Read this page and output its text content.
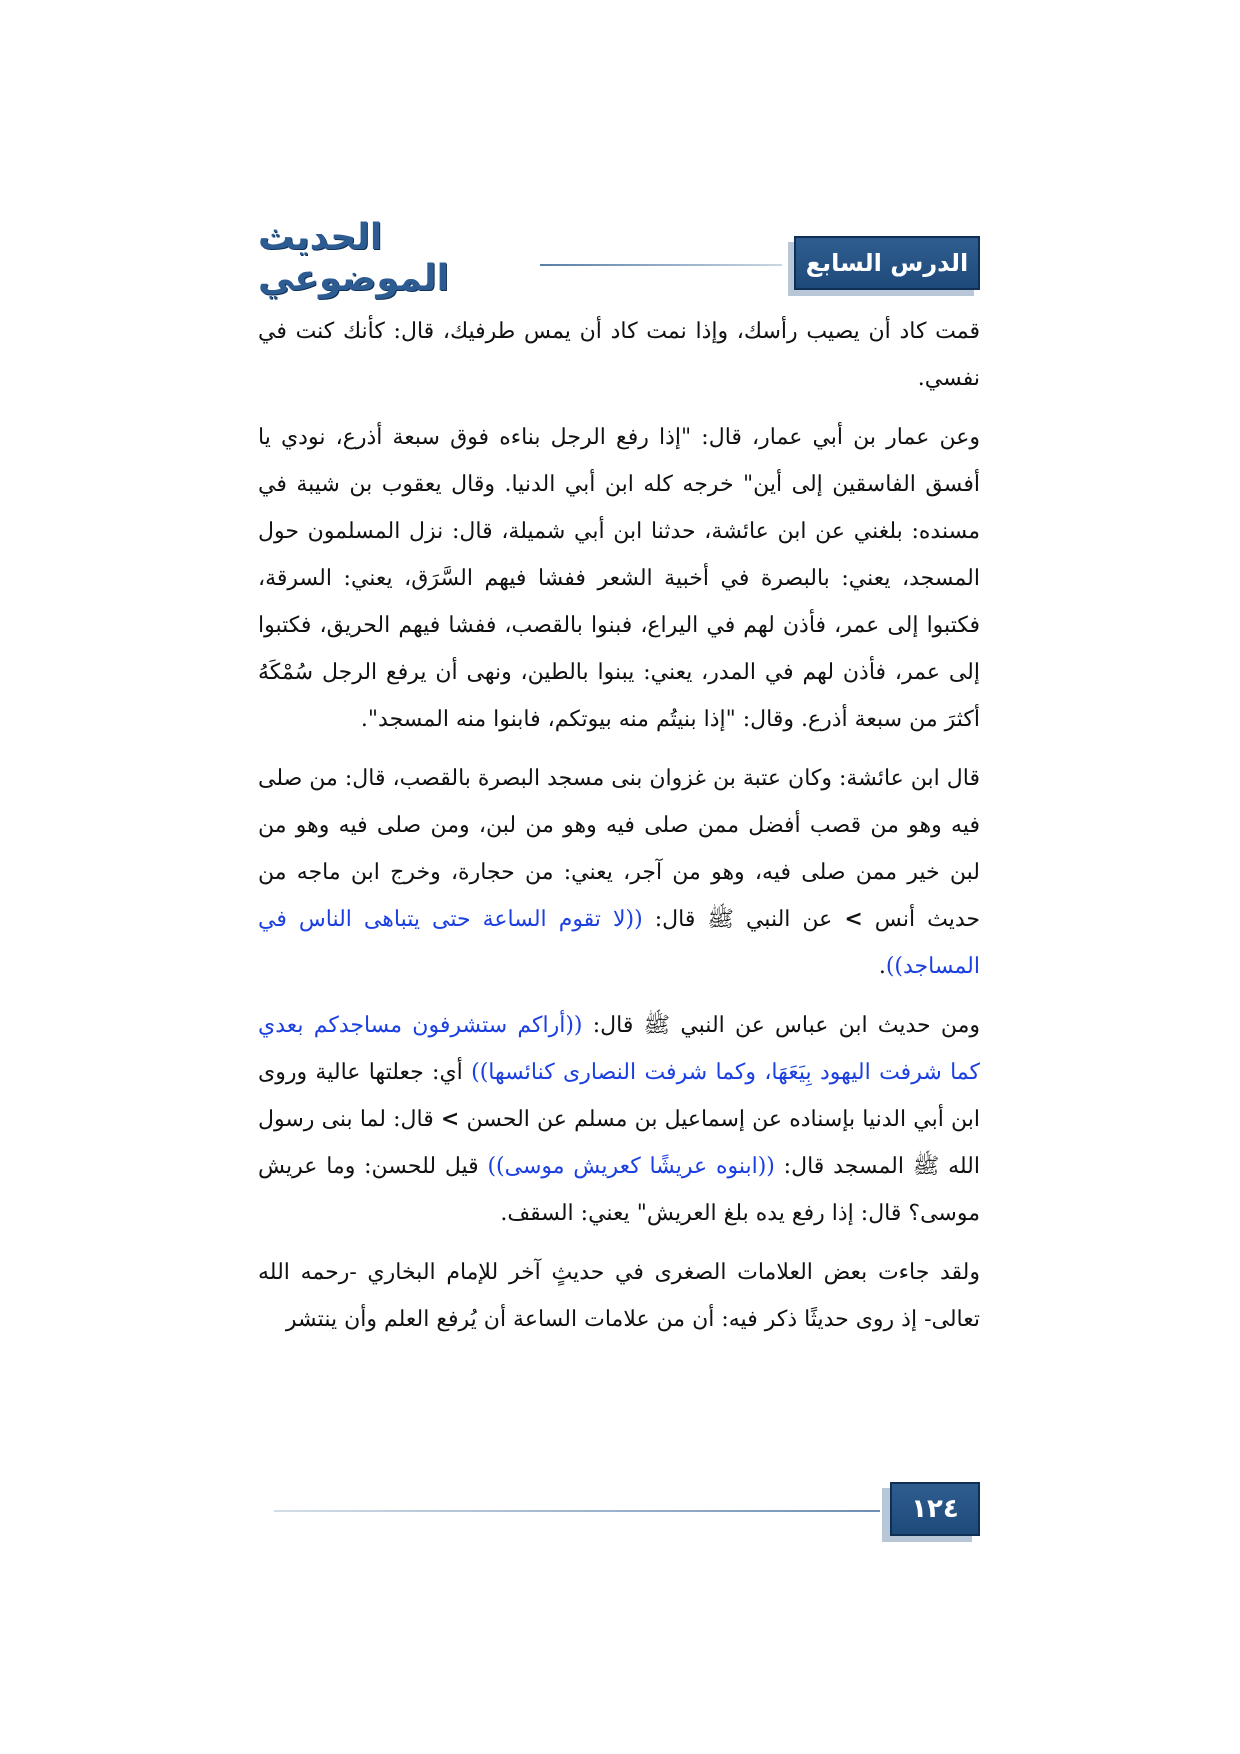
الدرس السابع
الحديث الموضوعي

قمت كاد أن يصيب رأسك، وإذا نمت كاد أن يمس طرفيك، قال: كأنك كنت في نفسي.

وعن عمار بن أبي عمار، قال: "إذا رفع الرجل بناءه فوق سبعة أذرع، نودي يا أفسق الفاسقين إلى أين" خرجه كله ابن أبي الدنيا. وقال يعقوب بن شيبة في مسنده: بلغني عن ابن عائشة، حدثنا ابن أبي شميلة، قال: نزل المسلمون حول المسجد، يعني: بالبصرة في أخبية الشعر ففشا فيهم السَّرَق، يعني: السرقة، فكتبوا إلى عمر، فأذن لهم في اليراع، فبنوا بالقصب، ففشا فيهم الحريق، فكتبوا إلى عمر، فأذن لهم في المدر، يعني: يبنوا بالطين، ونهى أن يرفع الرجل سُمْكَهُ أكثرَ من سبعة أذرع. وقال: "إذا بنيتُم منه بيوتكم، فابنوا منه المسجد".

قال ابن عائشة: وكان عتبة بن غزوان بنى مسجد البصرة بالقصب، قال: من صلى فيه وهو من قصب أفضل ممن صلى فيه وهو من لبن، ومن صلى فيه وهو من لبن خير ممن صلى فيه، وهو من آجر، يعني: من حجارة، وخرج ابن ماجه من حديث أنس > عن النبي ﷺ قال: ((لا تقوم الساعة حتى يتباهى الناس في المساجد)).

ومن حديث ابن عباس عن النبي ﷺ قال: ((أراكم ستشرفون مساجدكم بعدي كما شرفت اليهود بِيَعَهَا، وكما شرفت النصارى كنائسها)) أي: جعلتها عالية وروى ابن أبي الدنيا بإسناده عن إسماعيل بن مسلم عن الحسن > قال: لما بنى رسول الله ﷺ المسجد قال: ((ابنوه عريشًا كعريش موسى)) قيل للحسن: وما عريش موسى؟ قال: إذا رفع يده بلغ العريش" يعني: السقف.

ولقد جاءت بعض العلامات الصغرى في حديثٍ آخر للإمام البخاري -رحمه الله تعالى- إذ روى حديثًا ذكر فيه: أن من علامات الساعة أن يُرفع العلم وأن ينتشر

١٢٤
